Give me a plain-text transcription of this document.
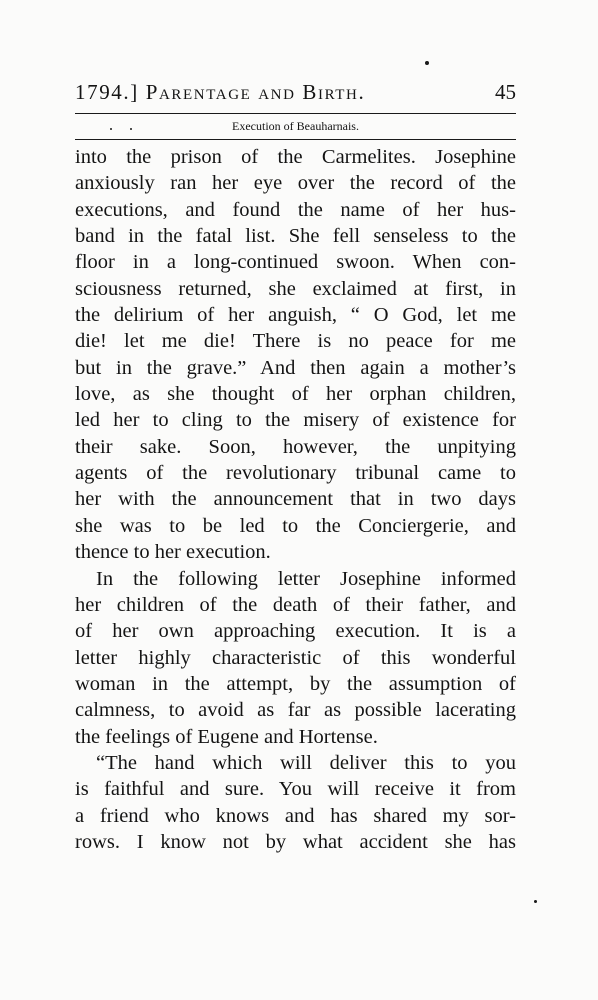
1794.] Parentage and Birth.	45
Execution of Beauharnais.
into the prison of the Carmelites. Josephine
anxiously ran her eye over the record of the
executions, and found the name of her hus-
band in the fatal list. She fell senseless to the
floor in a long-continued swoon. When con-
sciousness returned, she exclaimed at first, in
the delirium of her anguish, “ O God, let me
die! let me die! There is no peace for me
but in the grave.” And then again a mother’s
love, as she thought of her orphan children,
led her to cling to the misery of existence for
their sake. Soon, however, the unpitying
agents of the revolutionary tribunal came to
her with the announcement that in two days
she was to be led to the Conciergerie, and
thence to her execution.
In the following letter Josephine informed
her children of the death of their father, and
of her own approaching execution. It is a
letter highly characteristic of this wonderful
woman in the attempt, by the assumption of
calmness, to avoid as far as possible lacerating
the feelings of Eugene and Hortense.
“The hand which will deliver this to you
is faithful and sure. You will receive it from
a friend who knows and has shared my sor-
rows. I know not by what accident she has
